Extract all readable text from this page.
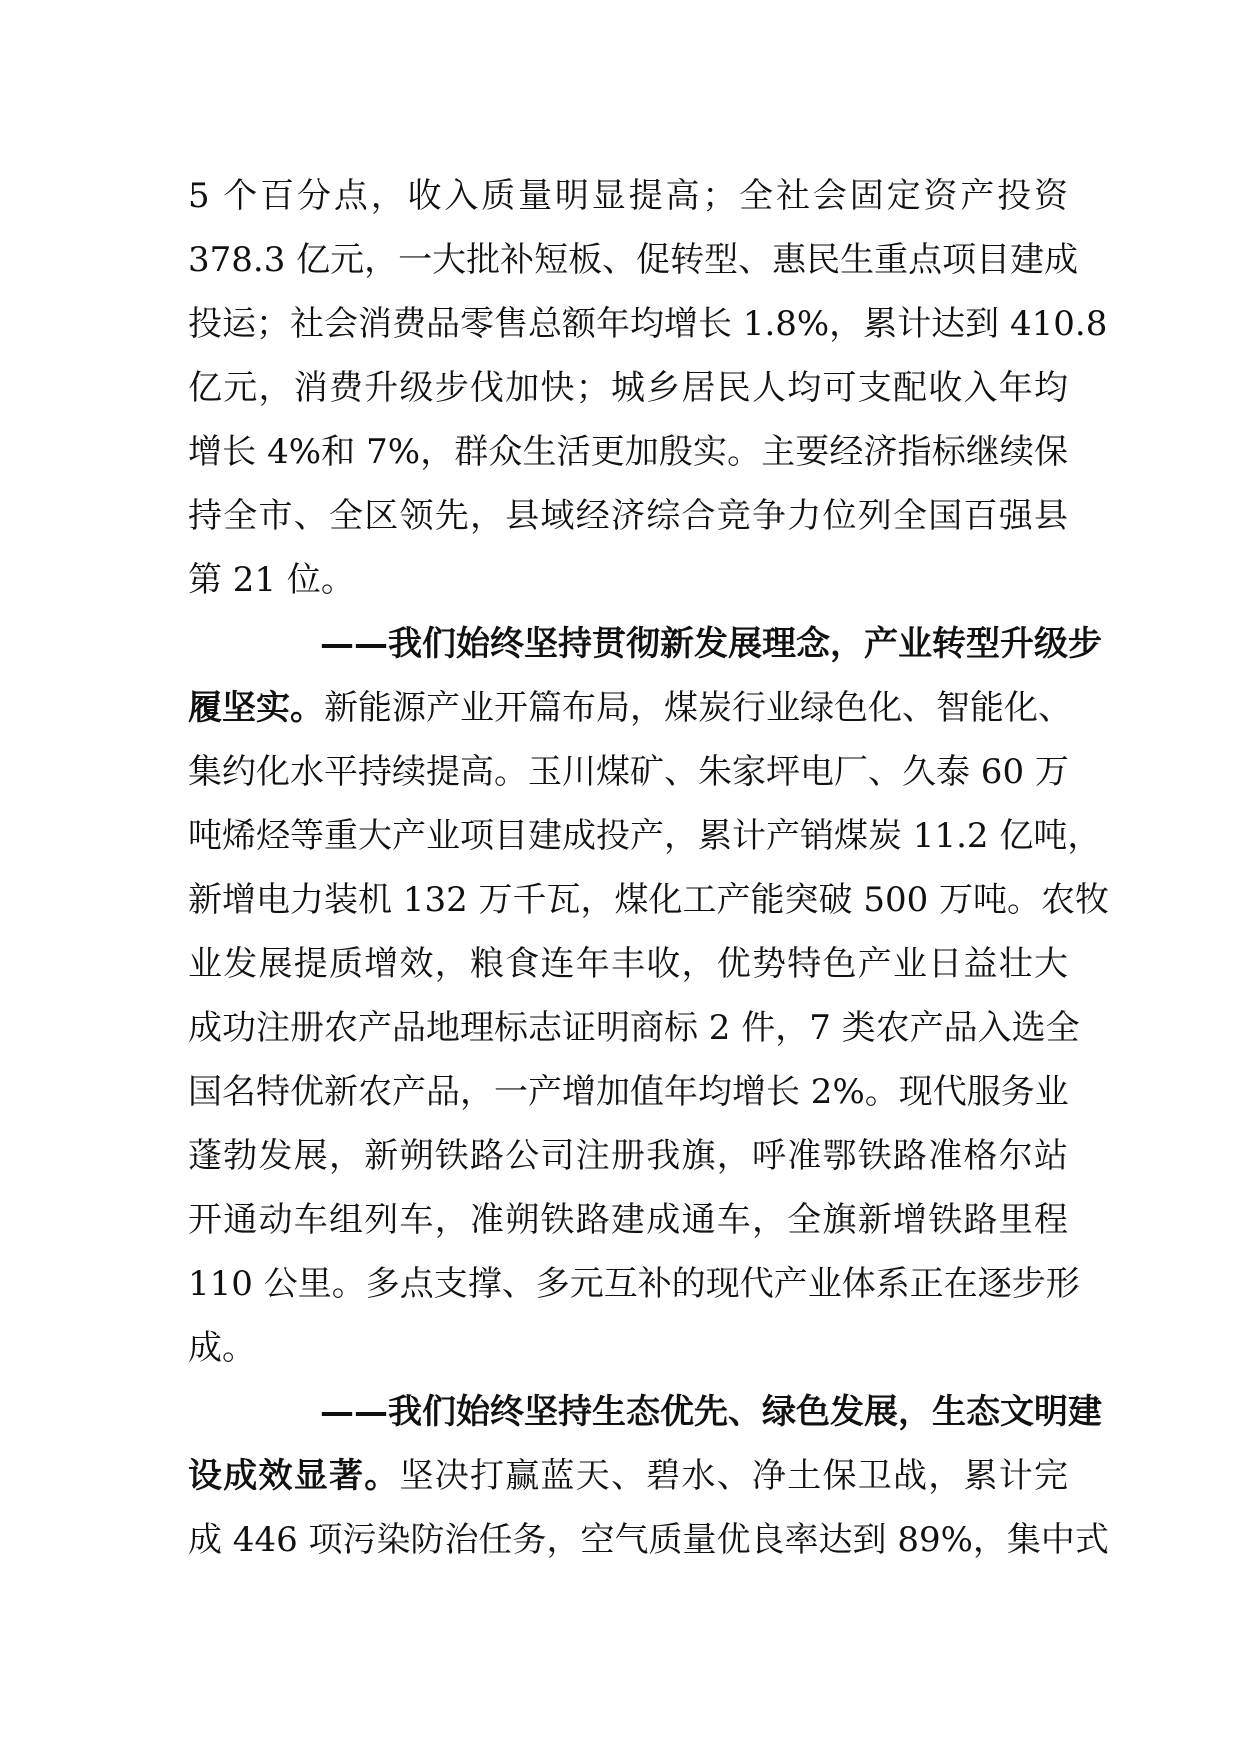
5 个百分点，收入质量明显提高；全社会固定资产投资
378.3 亿元，一大批补短板、促转型、惠民生重点项目建成
投运；社会消费品零售总额年均增长 1.8%，累计达到 410.8
亿元，消费升级步伐加快；城乡居民人均可支配收入年均
增长 4%和 7%，群众生活更加殷实。主要经济指标继续保
持全市、全区领先，县域经济综合竞争力位列全国百强县
第 21 位。
——我们始终坚持贯彻新发展理念，产业转型升级步
履坚实。新能源产业开篇布局，煤炭行业绿色化、智能化、
集约化水平持续提高。玉川煤矿、朱家坪电厂、久泰 60 万
吨烯烃等重大产业项目建成投产，累计产销煤炭 11.2 亿吨，
新增电力装机 132 万千瓦，煤化工产能突破 500 万吨。农牧
业发展提质增效，粮食连年丰收，优势特色产业日益壮大
成功注册农产品地理标志证明商标 2 件，7 类农产品入选全
国名特优新农产品，一产增加值年均增长 2%。现代服务业
蓬勃发展，新朔铁路公司注册我旗，呼准鄂铁路准格尔站
开通动车组列车，准朔铁路建成通车，全旗新增铁路里程
110 公里。多点支撑、多元互补的现代产业体系正在逐步形
成。
——我们始终坚持生态优先、绿色发展，生态文明建
设成效显著。坚决打赢蓝天、碧水、净土保卫战，累计完
成 446 项污染防治任务，空气质量优良率达到 89%，集中式
